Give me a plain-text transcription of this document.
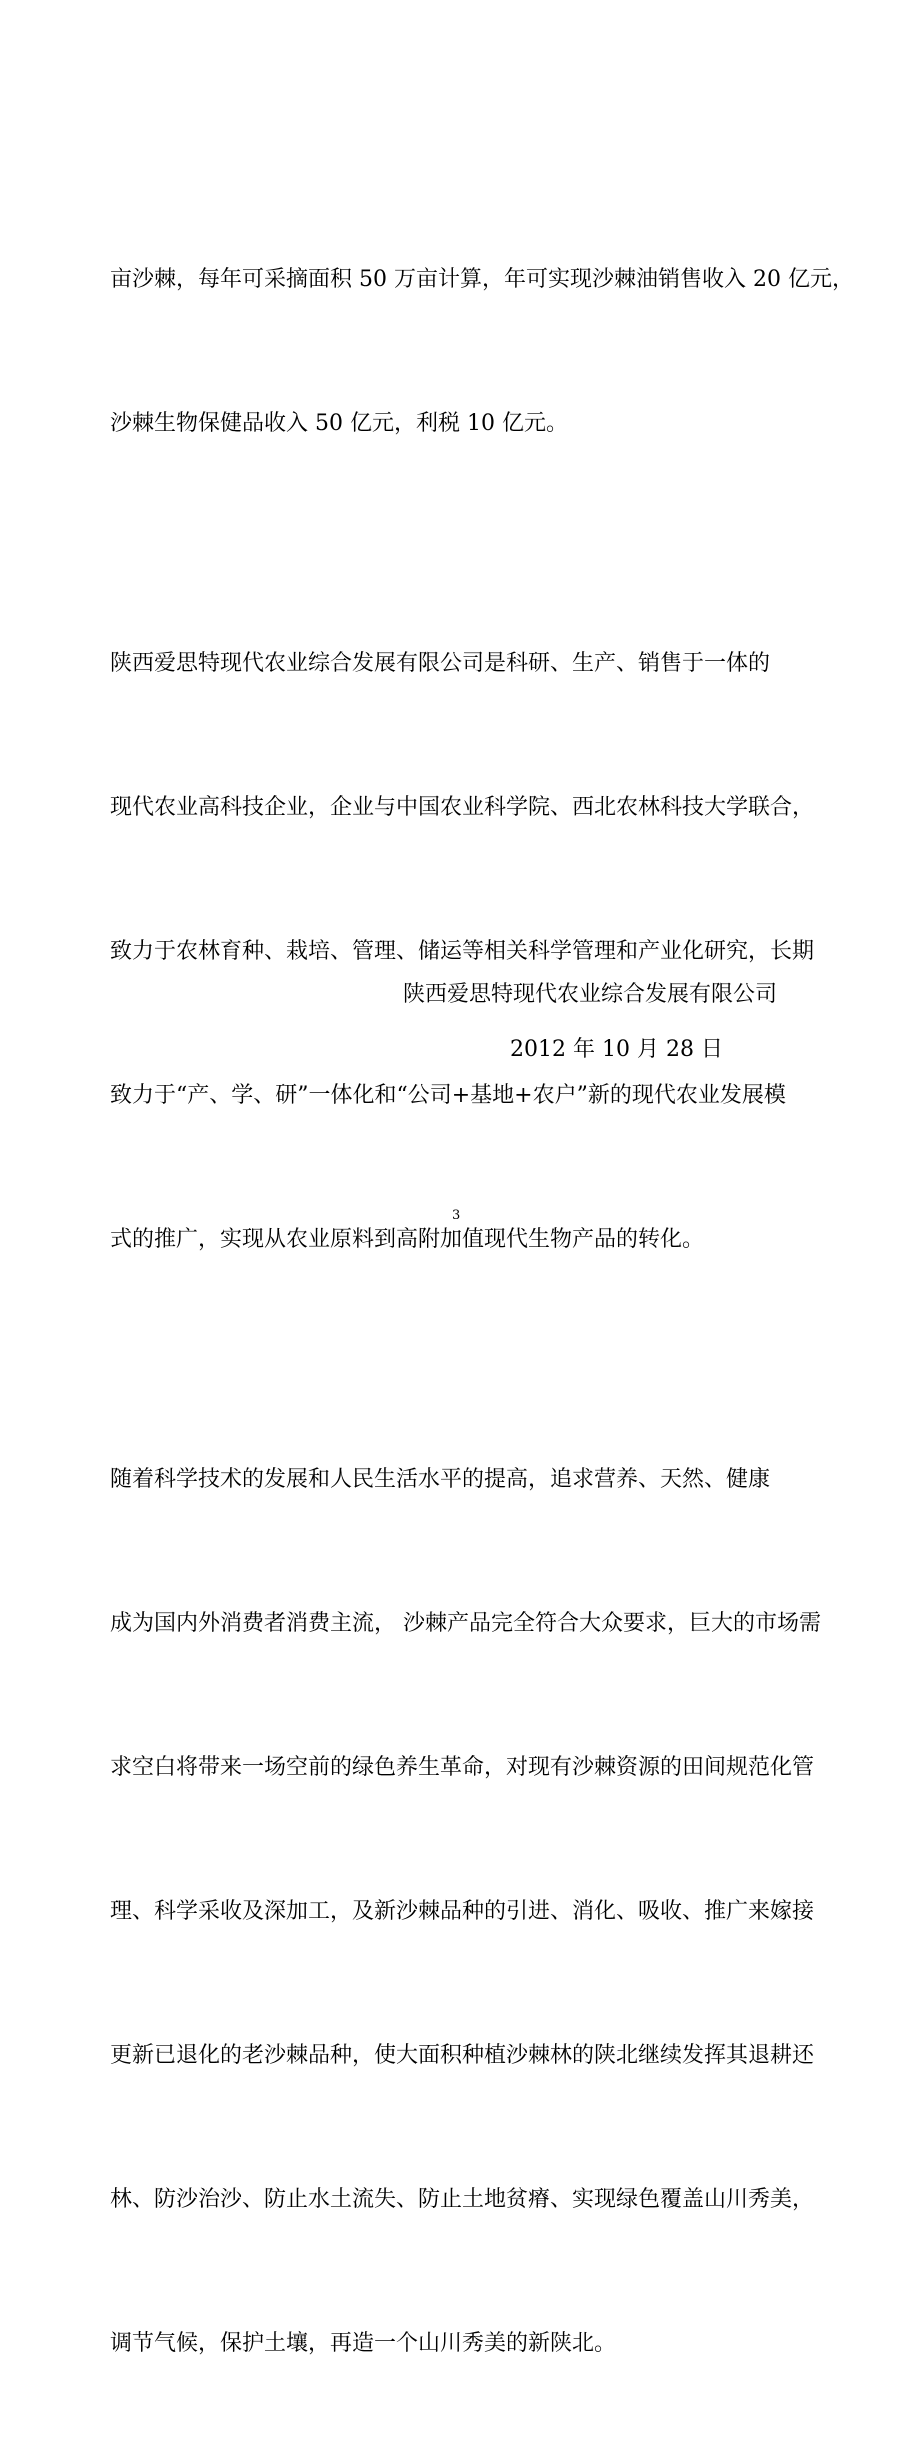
亩沙棘，每年可采摘面积 50 万亩计算，年可实现沙棘油销售收入 20 亿元，

沙棘生物保健品收入 50 亿元，利税 10 亿元。

陕西爱思特现代农业综合发展有限公司是科研、生产、销售于一体的

现代农业高科技企业，企业与中国农业科学院、西北农林科技大学联合，

致力于农林育种、栽培、管理、储运等相关科学管理和产业化研究，长期

致力于“产、学、研”一体化和“公司+基地+农户”新的现代农业发展模

式的推广，实现从农业原料到高附加值现代生物产品的转化。

随着科学技术的发展和人民生活水平的提高，追求营养、天然、健康

成为国内外消费者消费主流， 沙棘产品完全符合大众要求，巨大的市场需

求空白将带来一场空前的绿色养生革命，对现有沙棘资源的田间规范化管

理、科学采收及深加工，及新沙棘品种的引进、消化、吸收、推广来嫁接

更新已退化的老沙棘品种，使大面积种植沙棘林的陕北继续发挥其退耕还

林、防沙治沙、防止水土流失、防止土地贫瘠、实现绿色覆盖山川秀美，

调节气候，保护土壤，再造一个山川秀美的新陕北。

陕西爱思特现代农业综合发展有限公司
2012 年 10 月 28 日
3
